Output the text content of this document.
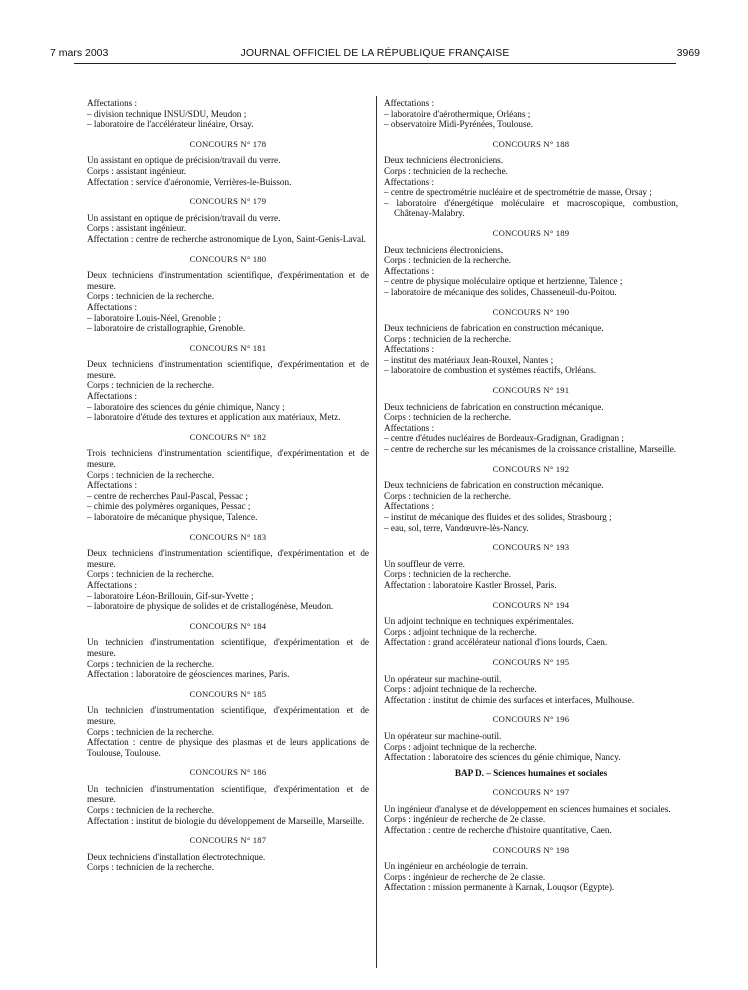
7 mars 2003	JOURNAL OFFICIEL DE LA RÉPUBLIQUE FRANÇAISE	3969
Affectations :
– division technique INSU/SDU, Meudon ;
– laboratoire de l'accélérateur linéaire, Orsay.
CONCOURS N° 178
Un assistant en optique de précision/travail du verre.
Corps : assistant ingénieur.
Affectation : service d'aéronomie, Verrières-le-Buisson.
CONCOURS N° 179
Un assistant en optique de précision/travail du verre.
Corps : assistant ingénieur.
Affectation : centre de recherche astronomique de Lyon, Saint-Genis-Laval.
CONCOURS N° 180
Deux techniciens d'instrumentation scientifique, d'expérimentation et de mesure.
Corps : technicien de la recherche.
Affectations :
– laboratoire Louis-Néel, Grenoble ;
– laboratoire de cristallographie, Grenoble.
CONCOURS N° 181
Deux techniciens d'instrumentation scientifique, d'expérimentation et de mesure.
Corps : technicien de la recherche.
Affectations :
– laboratoire des sciences du génie chimique, Nancy ;
– laboratoire d'étude des textures et application aux matériaux, Metz.
CONCOURS N° 182
Trois techniciens d'instrumentation scientifique, d'expérimentation et de mesure.
Corps : technicien de la recherche.
Affectations :
– centre de recherches Paul-Pascal, Pessac ;
– chimie des polymères organiques, Pessac ;
– laboratoire de mécanique physique, Talence.
CONCOURS N° 183
Deux techniciens d'instrumentation scientifique, d'expérimentation et de mesure.
Corps : technicien de la recherche.
Affectations :
– laboratoire Léon-Brillouin, Gif-sur-Yvette ;
– laboratoire de physique de solides et de cristallogénèse, Meudon.
CONCOURS N° 184
Un technicien d'instrumentation scientifique, d'expérimentation et de mesure.
Corps : technicien de la recherche.
Affectation : laboratoire de géosciences marines, Paris.
CONCOURS N° 185
Un technicien d'instrumentation scientifique, d'expérimentation et de mesure.
Corps : technicien de la recherche.
Affectation : centre de physique des plasmas et de leurs applications de Toulouse, Toulouse.
CONCOURS N° 186
Un technicien d'instrumentation scientifique, d'expérimentation et de mesure.
Corps : technicien de la recherche.
Affectation : institut de biologie du développement de Marseille, Marseille.
CONCOURS N° 187
Deux techniciens d'installation électrotechnique.
Corps : technicien de la recherche.
Affectations :
– laboratoire d'aérothermique, Orléans ;
– observatoire Midi-Pyrénées, Toulouse.
CONCOURS N° 188
Deux techniciens électroniciens.
Corps : technicien de la recheche.
Affectations :
– centre de spectrométrie nucléaire et de spectrométrie de masse, Orsay ;
– laboratoire d'énergétique moléculaire et macroscopique, combustion, Châtenay-Malabry.
CONCOURS N° 189
Deux techniciens électroniciens.
Corps : technicien de la recherche.
Affectations :
– centre de physique moléculaire optique et hertzienne, Talence ;
– laboratoire de mécanique des solides, Chasseneuil-du-Poitou.
CONCOURS N° 190
Deux techniciens de fabrication en construction mécanique.
Corps : technicien de la recherche.
Affectations :
– institut des matériaux Jean-Rouxel, Nantes ;
– laboratoire de combustion et systèmes réactifs, Orléans.
CONCOURS N° 191
Deux techniciens de fabrication en construction mécanique.
Corps : technicien de la recherche.
Affectations :
– centre d'études nucléaires de Bordeaux-Gradignan, Gradignan ;
– centre de recherche sur les mécanismes de la croissance cristalline, Marseille.
CONCOURS N° 192
Deux techniciens de fabrication en construction mécanique.
Corps : technicien de la recherche.
Affectations :
– institut de mécanique des fluides et des solides, Strasbourg ;
– eau, sol, terre, Vandœuvre-lès-Nancy.
CONCOURS N° 193
Un souffleur de verre.
Corps : technicien de la recherche.
Affectation : laboratoire Kastler Brossel, Paris.
CONCOURS N° 194
Un adjoint technique en techniques expérimentales.
Corps : adjoint technique de la recherche.
Affectation : grand accélérateur national d'ions lourds, Caen.
CONCOURS N° 195
Un opérateur sur machine-outil.
Corps : adjoint technique de la recherche.
Affectation : institut de chimie des surfaces et interfaces, Mulhouse.
CONCOURS N° 196
Un opérateur sur machine-outil.
Corps : adjoint technique de la recherche.
Affectation : laboratoire des sciences du génie chimique, Nancy.
BAP D. – Sciences humaines et sociales
CONCOURS N° 197
Un ingénieur d'analyse et de développement en sciences humaines et sociales.
Corps : ingénieur de recherche de 2e classe.
Affectation : centre de recherche d'histoire quantitative, Caen.
CONCOURS N° 198
Un ingénieur en archéologie de terrain.
Corps : ingénieur de recherche de 2e classe.
Affectation : mission permanente à Karnak, Louqsor (Egypte).
